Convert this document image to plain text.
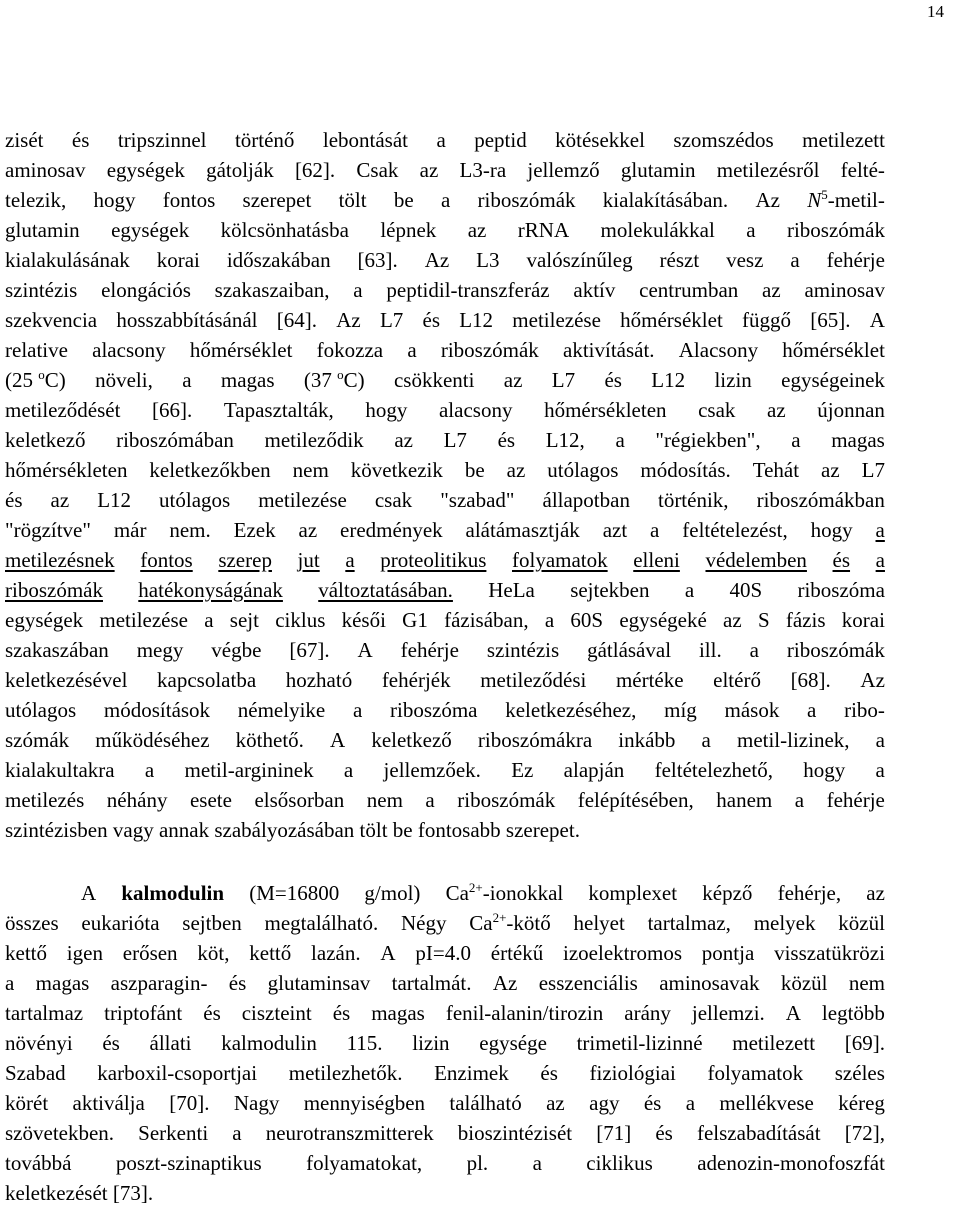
14
zisét és tripszinnel történő lebontását a peptid kötésekkel szomszédos metilezett
aminosav egységek gátolják [62]. Csak az L3-ra jellemző glutamin metilezésről felté-
telezik, hogy fontos szerepet tölt be a riboszómák kialakításában. Az $N^5-metil-$
glutamin egységek kölcsönhatásba lépnek az rRNA molekulákkal a riboszómák
kialakulásának korai időszakában [63]. Az L3 valószínűleg részt vesz a fehérje
szintézis elongációs szakaszaiban, a peptidil-transzferáz aktív centrumban az aminosav
szekvencia hosszabbításánál [64]. Az L7 és L12 metilezése hőmérséklet függő [65]. A
relative alacsony hőmérséklet fokozza a riboszómák aktivítását. Alacsony hőmérséklet
(25 $^o$C) növeli, a magas (37 $^o$C) csökkenti az L7 és L12 lizin egységeinek
metileződését [66]. Tapasztalták, hogy alacsony hőmérsékleten csak az újonnan
keletkező riboszómában metileződik az L7 és L12, a "régiekben", a magas
hőmérsékleten keletkezőkben nem következik be az utólagos módosítás. Tehát az L7
és az L12 utólagos metilezése csak "szabad" állapotban történik, riboszómákban
"rögzítve" már nem. Ezek az eredmények alátámasztják azt a feltételezést, hogy a
metilezésnek fontos szerep jut a proteolitikus folyamatok elleni védelemben és a
riboszómák hatékonyságának változtatásában. HeLa sejtekben a 40S riboszóma
egységek metilezése a sejt ciklus késői G1 fázisában, a 60S egységeké az S fázis korai
szakaszában megy végbe [67]. A fehérje szintézis gátlásával ill. a riboszómák
keletkezésével kapcsolatba hozható fehérjék metileződési mértéke eltérő [68]. Az
utólagos módosítások némelyike a riboszóma keletkezéséhez, míg mások a ribo-
szómák működéséhez köthető. A keletkező riboszómákra inkább a metil-lizinek, a
kialakultakra a metil-argininek a jellemzőek. Ez alapján feltételezhető, hogy a
metilezés néhány esete elsősorban nem a riboszómák felépítésében, hanem a fehérje
szintézisben vagy annak szabályozásában tölt be fontosabb szerepet.
A kalmodulin (M=16800 g/mol) $Ca^{2+}$-ionokkal komplexet képző fehérje, az
összes eukarióta sejtben megtalálható. Négy $Ca^{2+}$-kötő helyet tartalmaz, melyek közül
kettő igen erősen köt, kettő lazán. A pI=4.0 értékű izoelektromos pontja visszatükrözi
a magas aszparagin- és glutaminsav tartalmát. Az esszenciális aminosavak közül nem
tartalmaz triptofánt és ciszteint és magas fenil-alanin/tirozin arány jellemzi. A legtöbb
növényi és állati kalmodulin 115. lizin egysége trimetil-lizinné metilezett [69].
Szabad karboxil-csoportjai metilezhetők. Enzimek és fiziológiai folyamatok széles
körét aktiválja [70]. Nagy mennyiségben található az agy és a mellékvese kéreg
szövetekben. Serkenti a neurotranszmitterek bioszintézisét [71] és felszabadítását [72],
továbbá poszt-szinaptikus folyamatokat, pl. a ciklikus adenozin-monofoszfát
keletkezését [73].
